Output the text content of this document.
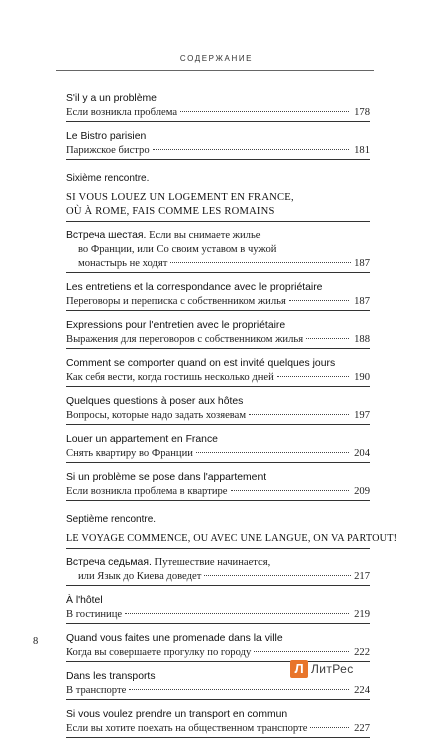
СОДЕРЖАНИЕ
S'il y a un problème
Если возникла проблема	178
Le Bistro parisien
Парижское бистро	181
Sixième rencontre.
SI VOUS LOUEZ UN LOGEMENT EN FRANCE,
OÙ À ROME, FAIS COMME LES ROMAINS
Встреча шестая. Если вы снимаете жилье
во Франции, или Со своим уставом в чужой
монастырь не ходят	187
Les entretiens et la correspondance avec le propriétaire
Переговоры и переписка с собственником жилья	187
Expressions pour l'entretien avec le propriétaire
Выражения для переговоров с собственником жилья	188
Comment se comporter quand on est invité quelques jours
Как себя вести, когда гостишь несколько дней	190
Quelques questions à poser aux hôtes
Вопросы, которые надо задать хозяевам	197
Louer un appartement en France
Снять квартиру во Франции	204
Si un problème se pose dans l'appartement
Если возникла проблема в квартире	209
Septième rencontre.
LE VOYAGE COMMENCE, OU AVEC UNE LANGUE, ON VA PARTOUT!
Встреча седьмая. Путешествие начинается,
или Язык до Киева доведет	217
À l'hôtel
В гостинице	219
Quand vous faites une promenade dans la ville
Когда вы совершаете прогулку по городу	222
Dans les transports
В транспорте	224
Si vous voulez prendre un transport en commun
Если вы хотите поехать на общественном транспорте	227
8
Л ЛитРес
